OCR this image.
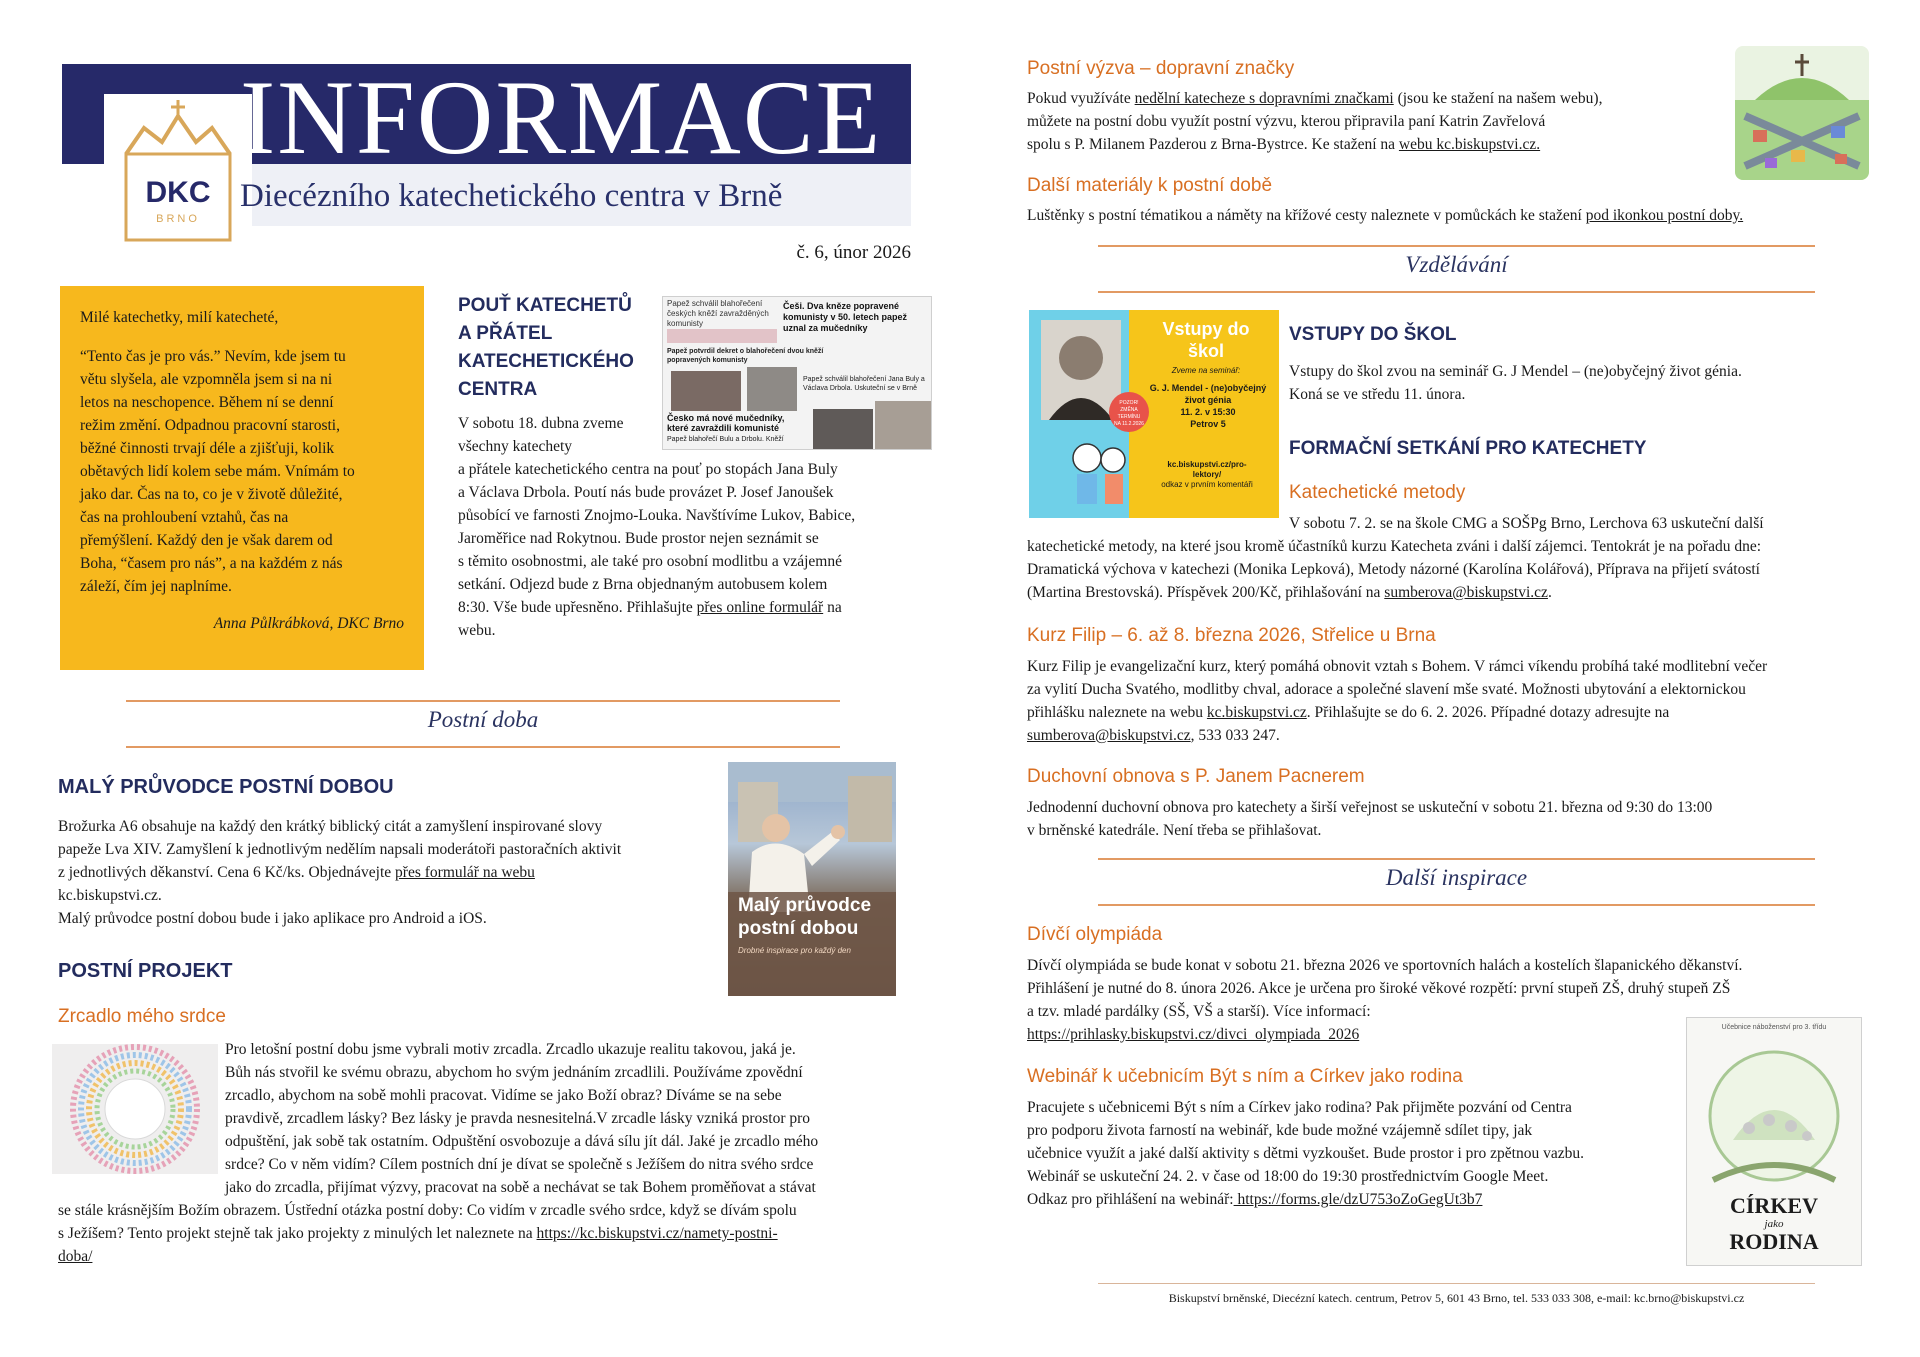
DKC
BRNO
INFORMACE
Diecézního katechetického centra v Brně
č. 6, únor 2026

Milé katechetky, milí katecheté,

“Tento čas je pro vás.” Nevím, kde jsem tu

větu slyšela, ale vzpomněla jsem si na ni

letos na neschopence. Během ní se denní

režim změní. Odpadnou pracovní starosti,

běžné činnosti trvají déle a zjišťuji, kolik

obětavých lidí kolem sebe mám. Vnímám to

jako dar. Čas na to, co je v životě důležité,

čas na prohloubení vztahů, čas na

přemýšlení. Každý den je však darem od

Boha, “časem pro nás”, a na každém z nás

záleží, čím jej naplníme.

Anna Půlkrábková, DKC Brno

POUŤ KATECHETŮ
A PŘÁTEL
KATECHETICKÉHO
CENTRA
Papež schválil blahořečení českých kněží zavražděných komunisty
Češi. Dva kněze popravené komunisty v 50. letech papež uznal za mučedníky
Papež potvrdil dekret o blahořečení dvou kněží popravených komunisty
Papež schválil blahořečení Jana Buly a Václava Drbola. Uskuteční se v Brně
Česko má nové mučedníky, které zavraždili komunisté
Papež blahořečí Bulu a Drbolu. Kněží
V sobotu 18. dubna zveme
všechny katechety
a přátele katechetického centra na pouť po stopách Jana Buly
a Václava Drbola. Poutí nás bude provázet P. Josef Janoušek
působící ve farnosti Znojmo-Louka. Navštívíme Lukov, Babice,
Jaroměřice nad Rokytnou. Bude prostor nejen seznámit se
s těmito osobnostmi, ale také pro osobní modlitbu a vzájemné
setkání. Odjezd bude z Brna objednaným autobusem kolem
8:30. Vše bude upřesněno. Přihlašujte přes online formulář na
webu.
Postní doba
MALÝ PRŮVODCE POSTNÍ DOBOU
Brožurka A6 obsahuje na každý den krátký biblický citát a zamyšlení inspirované slovy
papeže Lva XIV. Zamyšlení k jednotlivým nedělím napsali moderátoři pastoračních aktivit
z jednotlivých děkanství. Cena 6 Kč/ks. Objednávejte přes formulář na webu
kc.biskupstvi.cz.
Malý průvodce postní dobou bude i jako aplikace pro Android a iOS.
Malý průvodce
postní dobou
Drobné inspirace pro každý den
POSTNÍ PROJEKT
Zrcadlo mého srdce
Pro letošní postní dobu jsme vybrali motiv zrcadla. Zrcadlo ukazuje realitu takovou, jaká je.
Bůh nás stvořil ke svému obrazu, abychom ho svým jednáním zrcadlili. Používáme zpovědní
zrcadlo, abychom na sobě mohli pracovat. Vidíme se jako Boží obraz? Díváme se na sebe
pravdivě, zrcadlem lásky? Bez lásky je pravda nesnesitelná.V zrcadle lásky vzniká prostor pro
odpuštění, jak sobě tak ostatním. Odpuštění osvobozuje a dává sílu jít dál. Jaké je zrcadlo mého
srdce? Co v něm vidím? Cílem postních dní je dívat se společně s Ježíšem do nitra svého srdce
jako do zrcadla, přijímat výzvy, pracovat na sobě a nechávat se tak Bohem proměňovat a stávat
se stále krásnějším Božím obrazem. Ústřední otázka postní doby: Co vidím v zrcadle svého srdce, když se dívám spolu
s Ježíšem? Tento projekt stejně tak jako projekty z minulých let naleznete na https://kc.biskupstvi.cz/namety-postni-
doba/
Postní výzva – dopravní značky
Pokud využíváte nedělní katecheze s dopravními značkami (jsou ke stažení na našem webu),
můžete na postní dobu využít postní výzvu, kterou připravila paní Katrin Zavřelová
spolu s P. Milanem Pazderou z Brna-Bystrce. Ke stažení na webu kc.biskupstvi.cz.
Další materiály k postní době
Luštěnky s postní tématikou a náměty na křížové cesty naleznete v pomůckách ke stažení pod ikonkou postní doby.
Vzdělávání
Vstupy do
škol
Zveme na seminář:
G. J. Mendel - (ne)obyčejný
život génia
11. 2. v 15:30
Petrov 5
POZOR!
ZMĚNA TERMÍNU
NA 11.2.2026
kc.biskupstvi.cz/pro-
lektory/
odkaz v prvním komentáři
VSTUPY DO ŠKOL
Vstupy do škol zvou na seminář G. J Mendel – (ne)obyčejný život génia.
Koná se ve středu 11. února.
FORMAČNÍ SETKÁNÍ PRO KATECHETY
Katechetické metody
V sobotu 7. 2. se na škole CMG a SOŠPg Brno, Lerchova 63 uskuteční další
katechetické metody, na které jsou kromě účastníků kurzu Katecheta zváni i další zájemci. Tentokrát je na pořadu dne:
Dramatická výchova v katechezi (Monika Lepková), Metody názorné (Karolína Kolářová), Příprava na přijetí svátostí
(Martina Brestovská). Příspěvek 200/Kč, přihlašování na sumberova@biskupstvi.cz.
Kurz Filip – 6. až 8. března 2026, Střelice u Brna
Kurz Filip je evangelizační kurz, který pomáhá obnovit vztah s Bohem. V rámci víkendu probíhá také modlitební večer
za vylití Ducha Svatého, modlitby chval, adorace a společné slavení mše svaté. Možnosti ubytování a elektornickou
přihlášku naleznete na webu kc.biskupstvi.cz. Přihlašujte se do 6. 2. 2026. Případné dotazy adresujte na
sumberova@biskupstvi.cz, 533 033 247.
Duchovní obnova s P. Janem Pacnerem
Jednodenní duchovní obnova pro katechety a širší veřejnost se uskuteční v sobotu 21. března od 9:30 do 13:00
v brněnské katedrále. Není třeba se přihlašovat.
Další inspirace
Dívčí olympiáda
Dívčí olympiáda se bude konat v sobotu 21. března 2026 ve sportovních halách a kostelích šlapanického děkanství.
Přihlášení je nutné do 8. února 2026. Akce je určena pro široké věkové rozpětí: první stupeň ZŠ, druhý stupeň ZŠ
a tzv. mladé pardálky (SŠ, VŠ a starší). Více informací:
https://prihlasky.biskupstvi.cz/divci_olympiada_2026
Webinář k učebnicím Být s ním a Církev jako rodina
Pracujete s učebnicemi Být s ním a Církev jako rodina? Pak přijměte pozvání od Centra
pro podporu života farností na webinář, kde bude možné vzájemně sdílet tipy, jak
učebnice využít a jaké další aktivity s dětmi vyzkoušet. Bude prostor i pro zpětnou vazbu.
Webinář se uskuteční 24. 2. v čase od 18:00 do 19:30 prostřednictvím Google Meet.
Odkaz pro přihlášení na webinář: https://forms.gle/dzU753oZoGegUt3b7
Učebnice náboženství pro 3. třídu
CÍRKEV
jako
RODINA
Biskupství brněnské, Diecézní katech. centrum, Petrov 5, 601 43 Brno, tel. 533 033 308, e-mail: kc.brno@biskupstvi.cz
